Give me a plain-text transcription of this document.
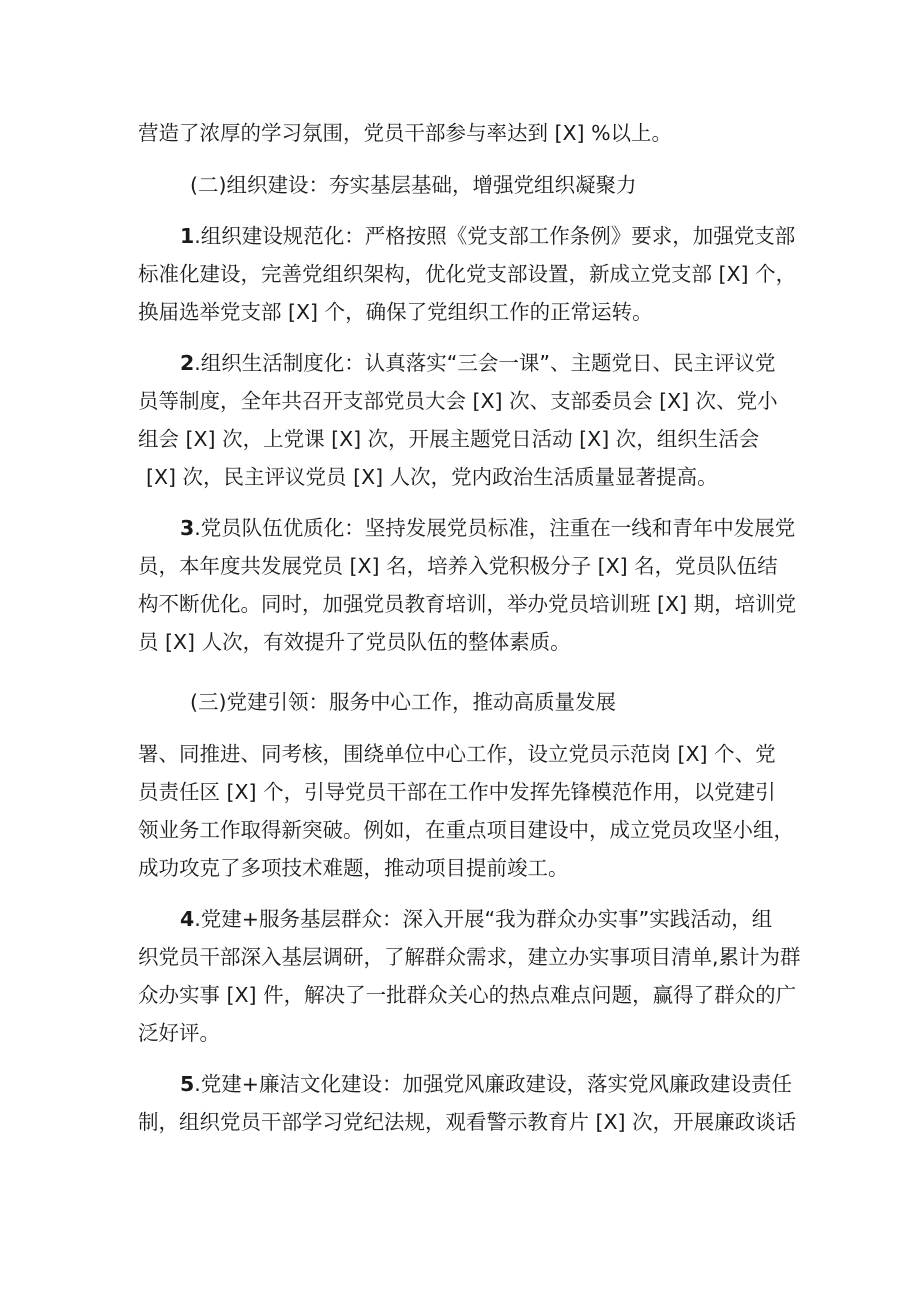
营造了浓厚的学习氛围，党员干部参与率达到 [X] %以上。
(二)组织建设：夯实基层基础，增强党组织凝聚力
1.组织建设规范化：严格按照《党支部工作条例》要求，加强党支部
标准化建设，完善党组织架构，优化党支部设置，新成立党支部 [X] 个，
换届选举党支部 [X] 个，确保了党组织工作的正常运转。
2.组织生活制度化：认真落实“三会一课”、主题党日、民主评议党
员等制度，全年共召开支部党员大会 [X] 次、支部委员会 [X] 次、党小
组会 [X] 次，上党课 [X] 次，开展主题党日活动 [X] 次，组织生活会
[X] 次，民主评议党员 [X] 人次，党内政治生活质量显著提高。
3.党员队伍优质化：坚持发展党员标准，注重在一线和青年中发展党
员，本年度共发展党员 [X] 名，培养入党积极分子 [X] 名，党员队伍结
构不断优化。同时，加强党员教育培训，举办党员培训班 [X] 期，培训党
员 [X] 人次，有效提升了党员队伍的整体素质。
(三)党建引领：服务中心工作，推动高质量发展
署、同推进、同考核，围绕单位中心工作，设立党员示范岗 [X] 个、党
员责任区 [X] 个，引导党员干部在工作中发挥先锋模范作用，以党建引
领业务工作取得新突破。例如，在重点项目建设中，成立党员攻坚小组，
成功攻克了多项技术难题，推动项目提前竣工。
4.党建+服务基层群众：深入开展“我为群众办实事”实践活动，组
织党员干部深入基层调研，了解群众需求，建立办实事项目清单,累计为群
众办实事 [X] 件，解决了一批群众关心的热点难点问题，赢得了群众的广
泛好评。
5.党建+廉洁文化建设：加强党风廉政建设，落实党风廉政建设责任
制，组织党员干部学习党纪法规，观看警示教育片 [X] 次，开展廉政谈话
